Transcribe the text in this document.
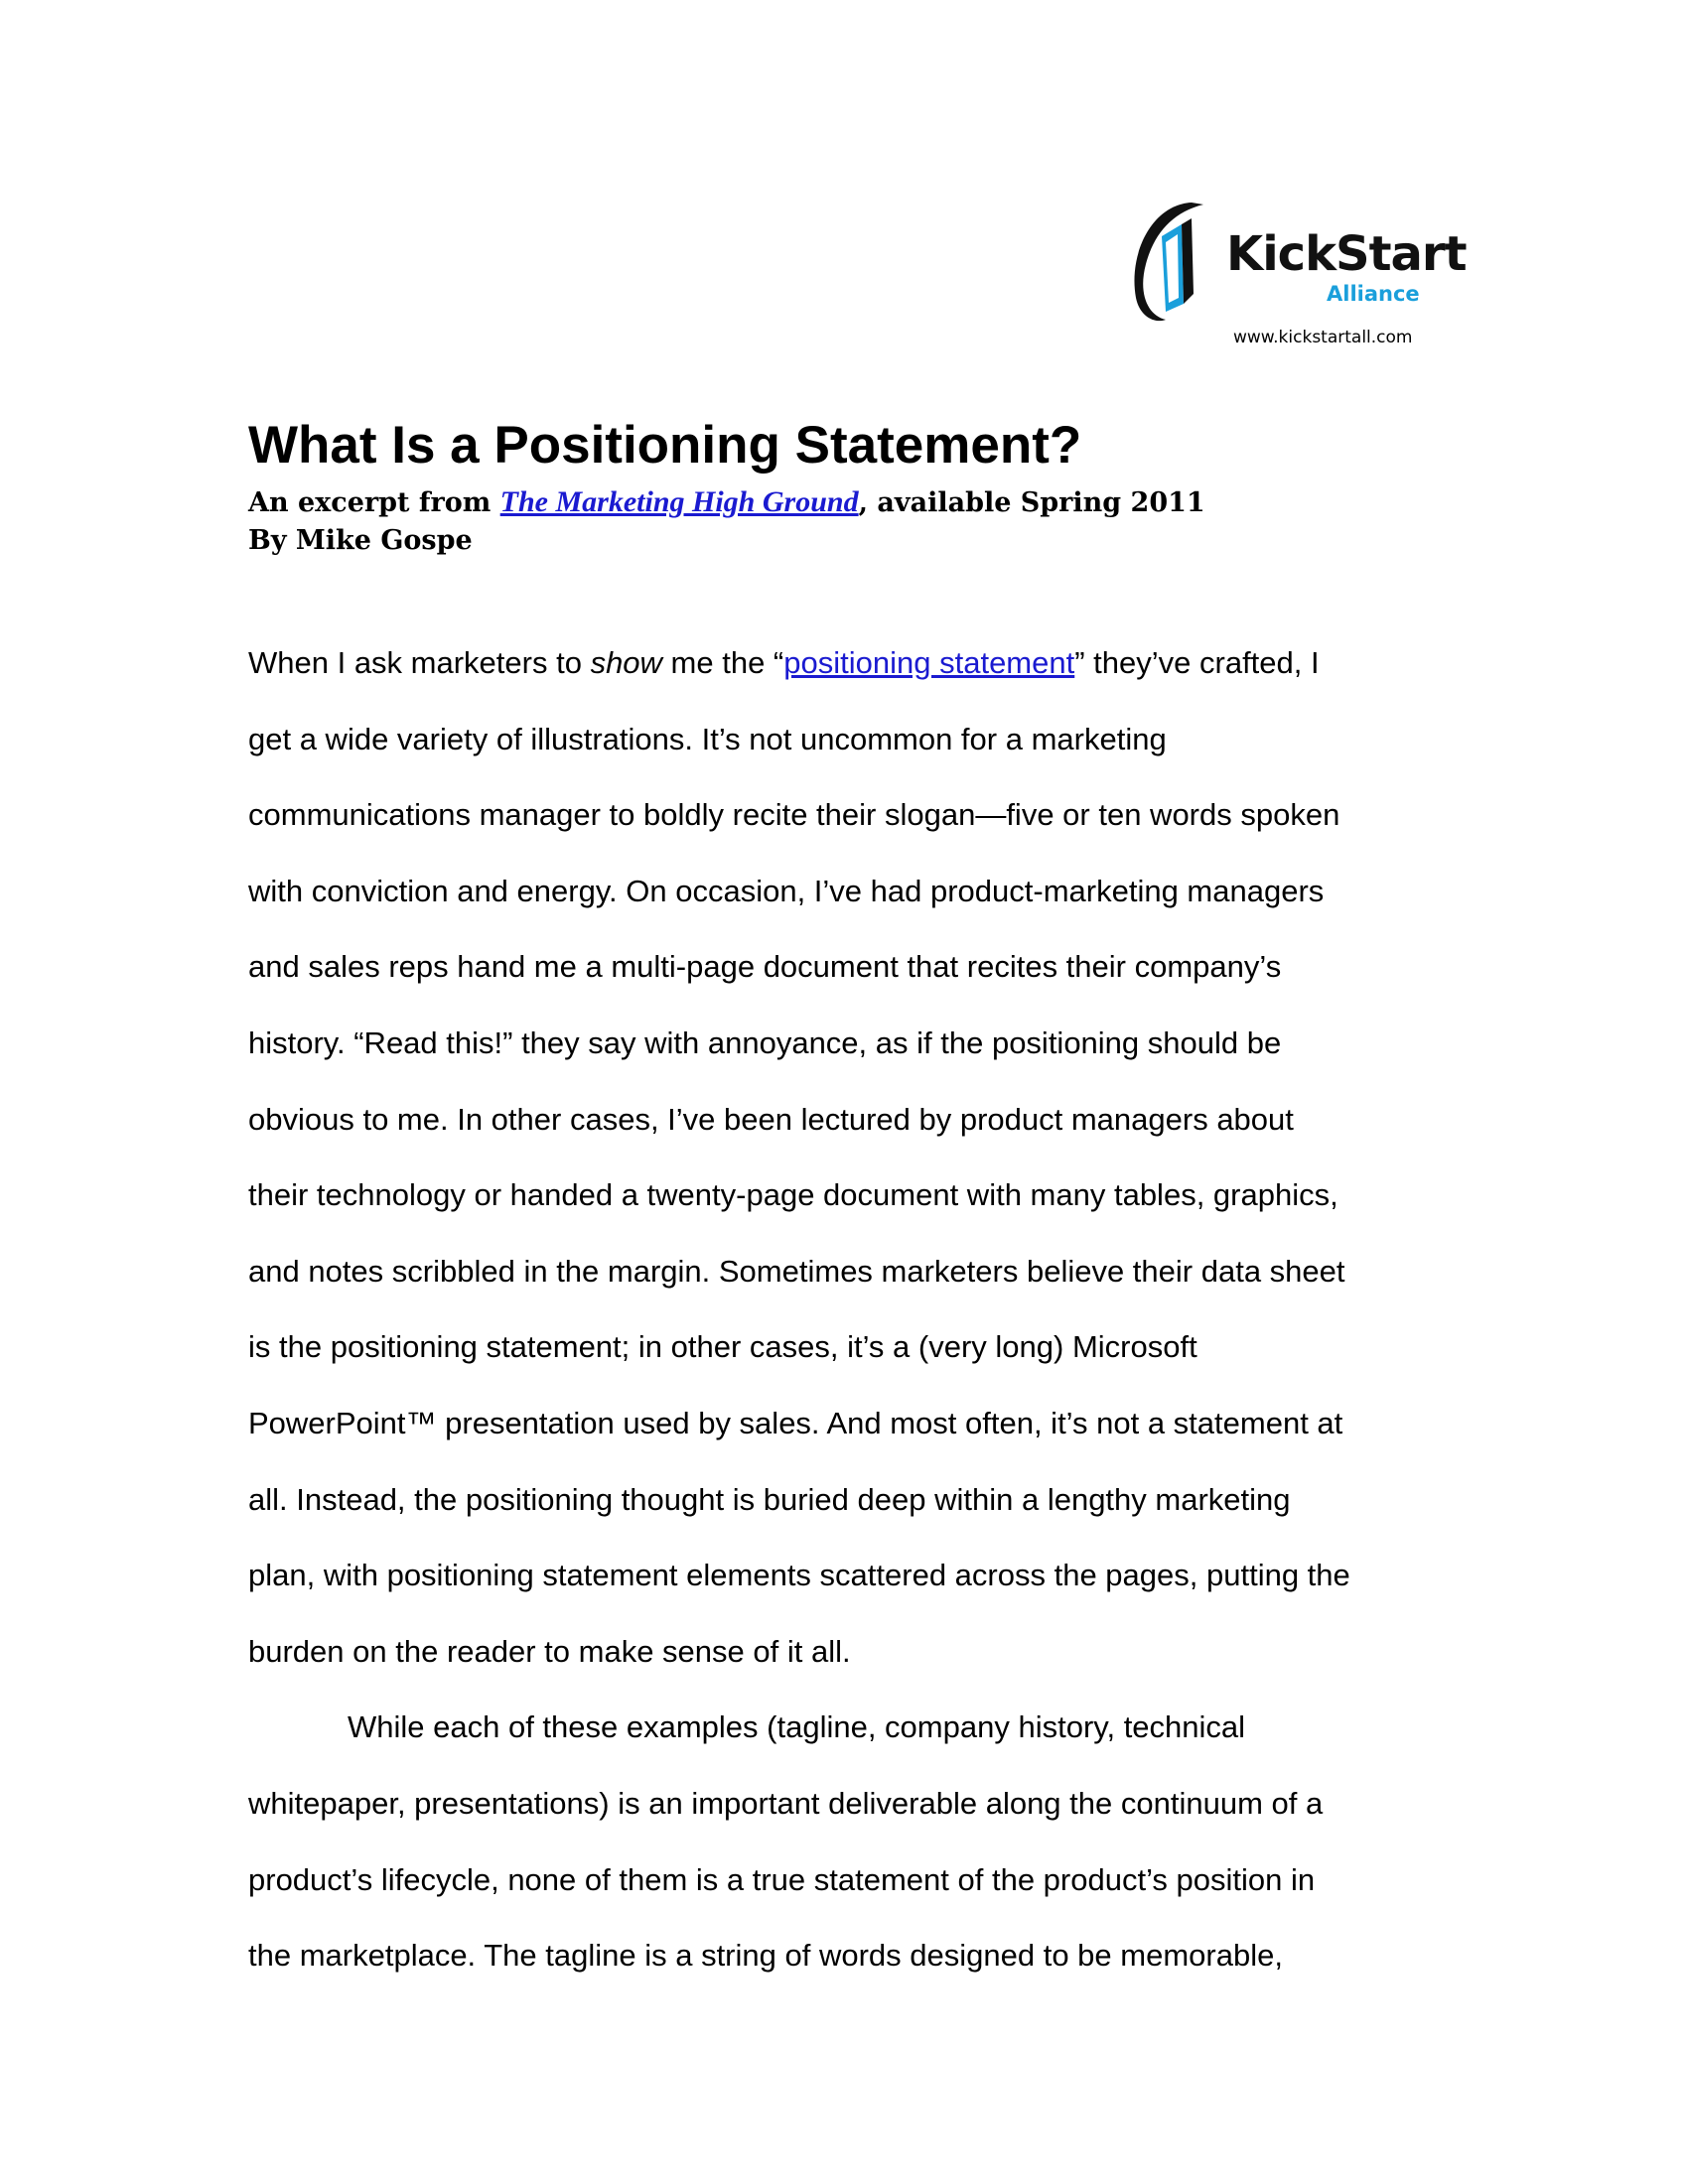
KickStart
Alliance
www.kickstartall.com
What Is a Positioning Statement?
An excerpt from The Marketing High Ground, available Spring 2011
By Mike Gospe

When I ask marketers to show me the “positioning statement” they’ve crafted, I
get a wide variety of illustrations. It’s not uncommon for a marketing
communications manager to boldly recite their slogan—five or ten words spoken
with conviction and energy. On occasion, I’ve had product-marketing managers
and sales reps hand me a multi-page document that recites their company’s
history. “Read this!” they say with annoyance, as if the positioning should be
obvious to me. In other cases, I’ve been lectured by product managers about
their technology or handed a twenty-page document with many tables, graphics,
and notes scribbled in the margin. Sometimes marketers believe their data sheet
is the positioning statement; in other cases, it’s a (very long) Microsoft
PowerPoint™ presentation used by sales. And most often, it’s not a statement at
all. Instead, the positioning thought is buried deep within a lengthy marketing
plan, with positioning statement elements scattered across the pages, putting the
burden on the reader to make sense of it all.

While each of these examples (tagline, company history, technical
whitepaper, presentations) is an important deliverable along the continuum of a
product’s lifecycle, none of them is a true statement of the product’s position in
the marketplace. The tagline is a string of words designed to be memorable,
